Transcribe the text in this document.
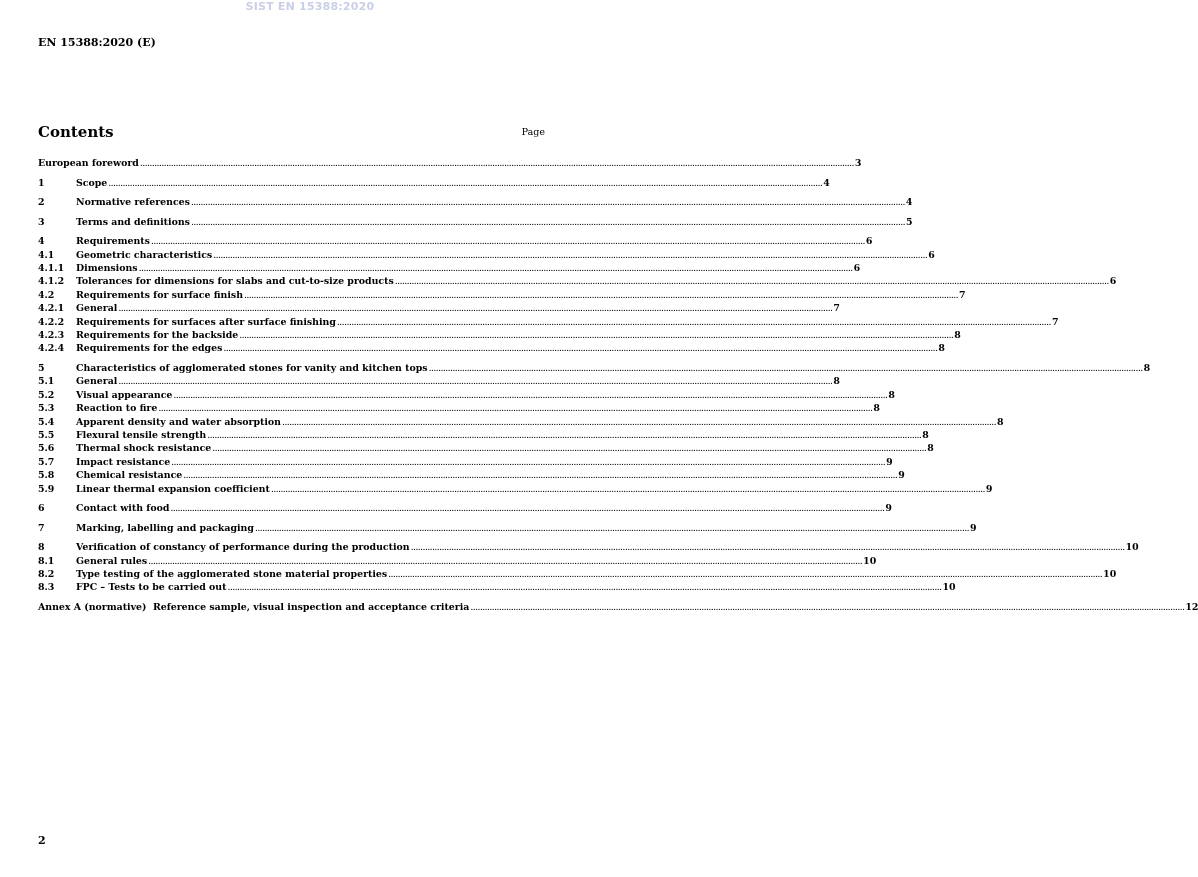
SIST EN 15388:2020
EN 15388:2020 (E)
Contents	Page
European foreword ............................................................................................................................................................................................................................................................................................................ 3
1	Scope ............................................................................................................................................................................................................................................................................................................ 4
2	Normative references ............................................................................................................................................................................................................................................................................................................ 4
3	Terms and definitions ............................................................................................................................................................................................................................................................................................................ 5
4	Requirements ............................................................................................................................................................................................................................................................................................................ 6
4.1	Geometric characteristics ............................................................................................................................................................................................................................................................................................................ 6
4.1.1	Dimensions ............................................................................................................................................................................................................................................................................................................ 6
4.1.2	Tolerances for dimensions for slabs and cut-to-size products ............................................................................................................................................................................................................................................................................................................ 6
4.2	Requirements for surface finish ............................................................................................................................................................................................................................................................................................................ 7
4.2.1	General ............................................................................................................................................................................................................................................................................................................ 7
4.2.2	Requirements for surfaces after surface finishing ............................................................................................................................................................................................................................................................................................................ 7
4.2.3	Requirements for the backside ............................................................................................................................................................................................................................................................................................................ 8
4.2.4	Requirements for the edges ............................................................................................................................................................................................................................................................................................................ 8
5	Characteristics of agglomerated stones for vanity and kitchen tops ............................................................................................................................................................................................................................................................................................................ 8
5.1	General ............................................................................................................................................................................................................................................................................................................ 8
5.2	Visual appearance ............................................................................................................................................................................................................................................................................................................ 8
5.3	Reaction to fire ............................................................................................................................................................................................................................................................................................................ 8
5.4	Apparent density and water absorption ............................................................................................................................................................................................................................................................................................................ 8
5.5	Flexural tensile strength ............................................................................................................................................................................................................................................................................................................ 8
5.6	Thermal shock resistance ............................................................................................................................................................................................................................................................................................................ 8
5.7	Impact resistance ............................................................................................................................................................................................................................................................................................................ 9
5.8	Chemical resistance ............................................................................................................................................................................................................................................................................................................ 9
5.9	Linear thermal expansion coefficient ............................................................................................................................................................................................................................................................................................................ 9
6	Contact with food ............................................................................................................................................................................................................................................................................................................ 9
7	Marking, labelling and packaging ............................................................................................................................................................................................................................................................................................................ 9
8	Verification of constancy of performance during the production ............................................................................................................................................................................................................................................................................................................ 10
8.1	General rules ............................................................................................................................................................................................................................................................................................................ 10
8.2	Type testing of the agglomerated stone material properties ............................................................................................................................................................................................................................................................................................................ 10
8.3	FPC – Tests to be carried out ............................................................................................................................................................................................................................................................................................................ 10
Annex A (normative)  Reference sample, visual inspection and acceptance criteria ............................................................................................................................................................................................................................................................................................................ 12
2
